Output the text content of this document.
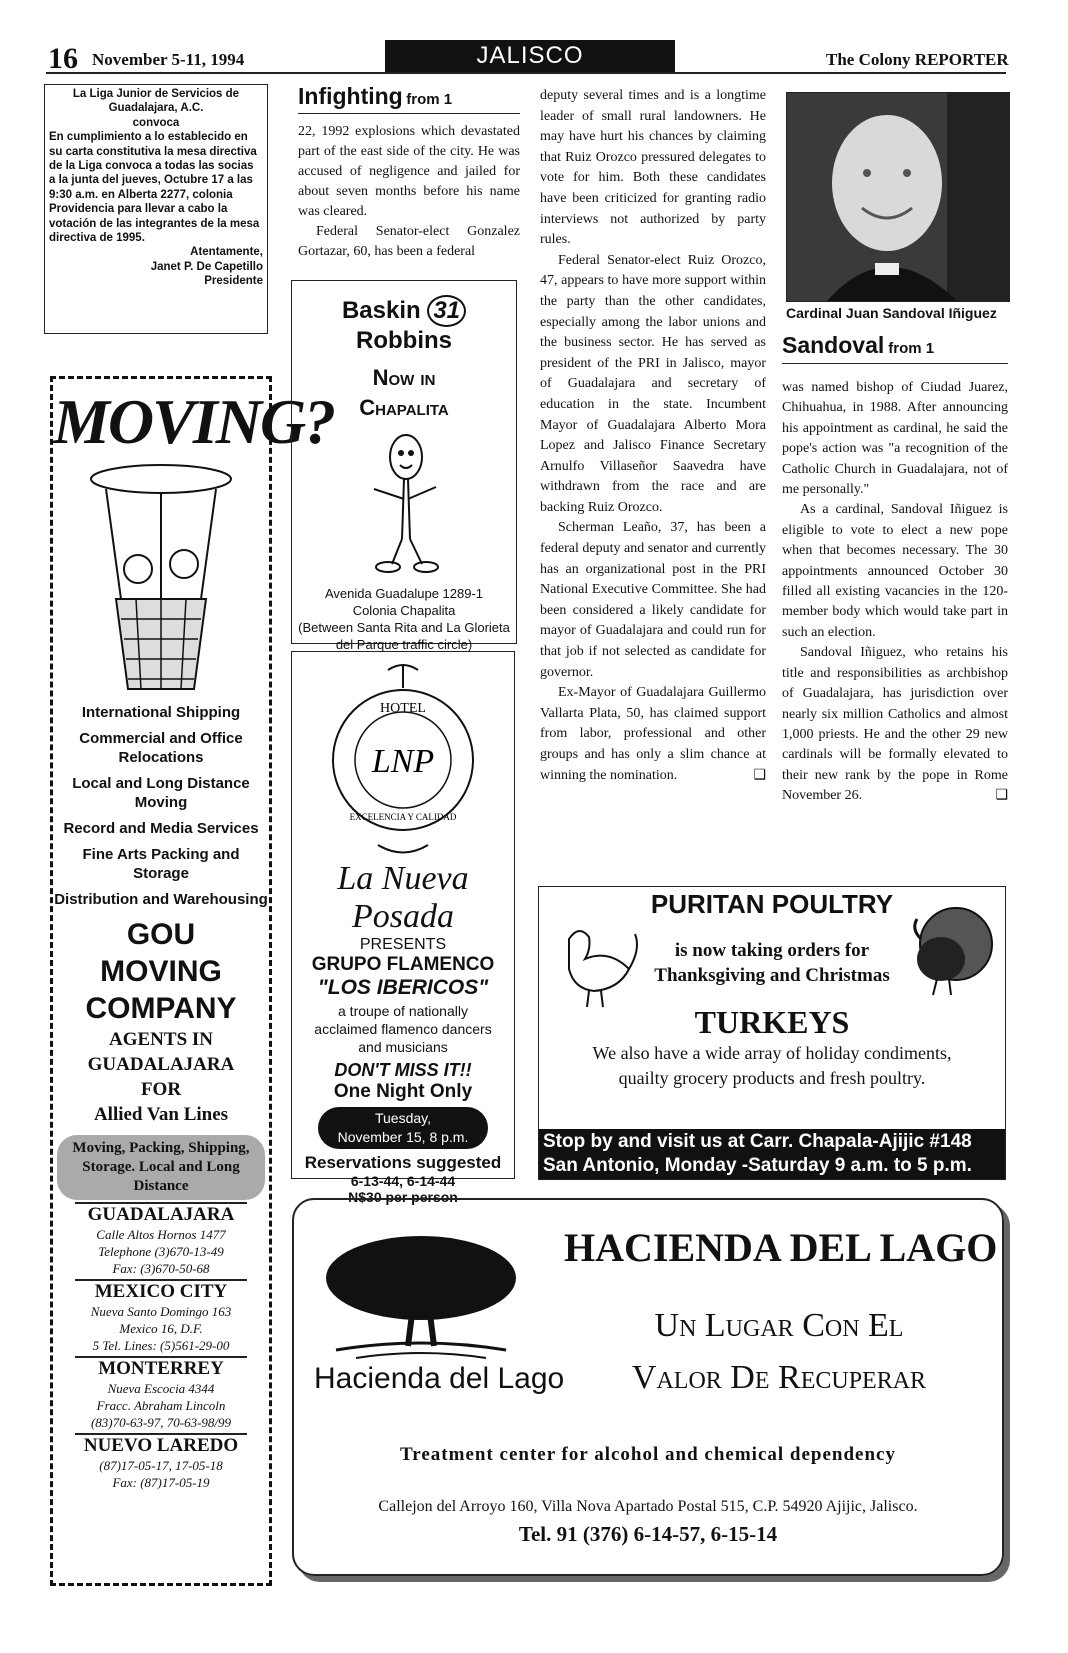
16 November 5-11, 1994	JALISCO	The Colony REPORTER

La Liga Junior de Servicios de Guadalajara, A.C.

convoca

En cumplimiento a lo establecido en su carta constitutiva la mesa directiva de la Liga convoca a todas las socias a la junta del jueves, Octubre 17 a las 9:30 a.m. en Alberta 2277, colonia Providencia para llevar a cabo la votación de las integrantes de la mesa directiva de 1995.

Atentamente,

Janet P. De Capetillo

Presidente

MOVING?
International Shipping
Commercial and Office Relocations
Local and Long Distance Moving
Record and Media Services
Fine Arts Packing and Storage
Distribution and Warehousing
GOU
MOVING
COMPANY
AGENTS IN
GUADALAJARA
FOR
Allied Van Lines
Moving, Packing, Shipping, Storage. Local and Long Distance
GUADALAJARA
Calle Altos Hornos 1477
Telephone (3)670-13-49
Fax: (3)670-50-68
MEXICO CITY
Nueva Santo Domingo 163
Mexico 16, D.F.
5 Tel. Lines: (5)561-29-00
MONTERREY
Nueva Escocia 4344
Fracc. Abraham Lincoln
(83)70-63-97, 70-63-98/99
NUEVO LAREDO
(87)17-05-17, 17-05-18
Fax: (87)17-05-19
Infighting from 1

22, 1992 explosions which devastated part of the east side of the city. He was accused of negligence and jailed for about seven months before his name was cleared.

Federal Senator-elect Gonzalez Gortazar, 60, has been a federal

Baskin 31 Robbins
Now in
Chapalita
Avenida Guadalupe 1289-1
Colonia Chapalita
(Between Santa Rita and La Glorieta del Parque traffic circle)
HOTEL
LNP
EXCELENCIA Y CALIDAD
La Nueva Posada
PRESENTS
GRUPO FLAMENCO
"LOS IBERICOS"
a troupe of nationally acclaimed flamenco dancers and musicians
DON'T MISS IT!!
One Night Only
Tuesday,
November 15, 8 p.m.
Reservations suggested
6-13-44, 6-14-44
N$30 per person

deputy several times and is a longtime leader of small rural landowners. He may have hurt his chances by claiming that Ruiz Orozco pressured delegates to vote for him. Both these candidates have been criticized for granting radio interviews not authorized by party rules.

Federal Senator-elect Ruiz Orozco, 47, appears to have more support within the party than the other candidates, especially among the labor unions and the business sector. He has served as president of the PRI in Jalisco, mayor of Guadalajara and secretary of education in the state. Incumbent Mayor of Guadalajara Alberto Mora Lopez and Jalisco Finance Secretary Arnulfo Villaseñor Saavedra have withdrawn from the race and are backing Ruiz Orozco.

Scherman Leaño, 37, has been a federal deputy and senator and currently has an organizational post in the PRI National Executive Committee. She had been considered a likely candidate for mayor of Guadalajara and could run for that job if not selected as candidate for governor.

Ex-Mayor of Guadalajara Guillermo Vallarta Plata, 50, has claimed support from labor, professional and other groups and has only a slim chance at winning the nomination.	❑

Cardinal Juan Sandoval Iñiguez
Sandoval from 1

was named bishop of Ciudad Juarez, Chihuahua, in 1988. After announcing his appointment as cardinal, he said the pope's action was "a recognition of the Catholic Church in Guadalajara, not of me personally."

As a cardinal, Sandoval Iñiguez is eligible to vote to elect a new pope when that becomes necessary. The 30 appointments announced October 30 filled all existing vacancies in the 120-member body which would take part in such an election.

Sandoval Iñiguez, who retains his title and responsibilities as archbishop of Guadalajara, has jurisdiction over nearly six million Catholics and almost 1,000 priests. He and the other 29 new cardinals will be formally elevated to their new rank by the pope in Rome November 26.	❑

PURITAN POULTRY
is now taking orders for
Thanksgiving and Christmas
TURKEYS
We also have a wide array of holiday condiments,
quailty grocery products and fresh poultry.
Stop by and visit us at Carr. Chapala-Ajijic #148
San Antonio, Monday -Saturday 9 a.m. to 5 p.m.
Hacienda del Lago
HACIENDA DEL LAGO
Un Lugar Con El
Valor De Recuperar
Treatment center for alcohol and chemical dependency
Callejon del Arroyo 160, Villa Nova Apartado Postal 515, C.P. 54920 Ajijic, Jalisco.
Tel. 91 (376) 6-14-57, 6-15-14
